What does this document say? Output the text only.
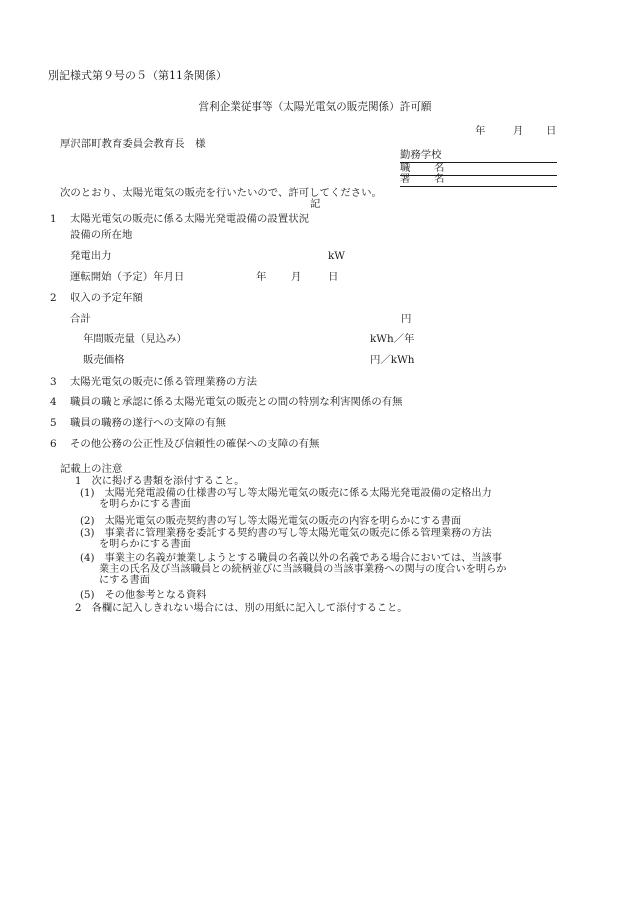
別記様式第９号の５（第11条関係）
営利企業従事等（太陽光電気の販売関係）許可願
年	月 日
厚沢部町教育委員会教育長　様
勤務学校
職 名
署 名
次のとおり、太陽光電気の販売を行いたいので、許可してください。
記
1 太陽光電気の販売に係る太陽光発電設備の設置状況
設備の所在地
発電出力	kW
運転開始（予定）年月日	年 月	日
2 収入の予定年額
合計	円
年間販売量（見込み）	kWh／年
販売価格	円／kWh
3 太陽光電気の販売に係る管理業務の方法
4 職員の職と承認に係る太陽光電気の販売との間の特別な利害関係の有無
5 職員の職務の遂行への支障の有無
6 その他公務の公正性及び信頼性の確保への支障の有無
記載上の注意
1　次に掲げる書類を添付すること。
(1)　太陽光発電設備の仕様書の写し等太陽光電気の販売に係る太陽光発電設備の定格出力
を明らかにする書面
(2)　太陽光電気の販売契約書の写し等太陽光電気の販売の内容を明らかにする書面
(3)　事業者に管理業務を委託する契約書の写し等太陽光電気の販売に係る管理業務の方法
を明らかにする書面
(4)　事業主の名義が兼業しようとする職員の名義以外の名義である場合においては、当該事
業主の氏名及び当該職員との続柄並びに当該職員の当該事業務への関与の度合いを明らか
にする書面
(5)　その他参考となる資料
2　各欄に記入しきれない場合には、別の用紙に記入して添付すること。
